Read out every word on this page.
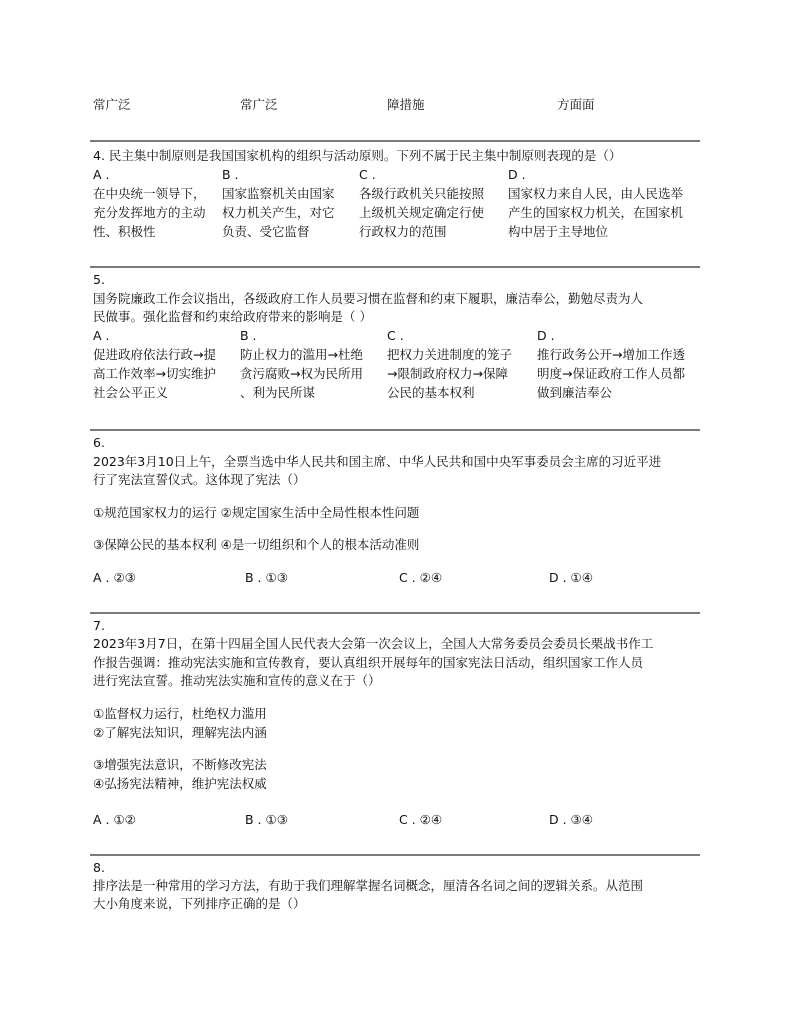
常广泛	常广泛	障措施	方面面
4. 民主集中制原则是我国国家机构的组织与活动原则。下列不属于民主集中制原则表现的是（）
A .
在中央统一领导下，
充分发挥地方的主动
性、积极性
B .
国家监察机关由国家
权力机关产生，对它
负责、受它监督
C .
各级行政机关只能按照
上级机关规定确定行使
行政权力的范围
D .
国家权力来自人民，由人民选举
产生的国家权力机关，在国家机
构中居于主导地位
5.
国务院廉政工作会议指出，各级政府工作人员要习惯在监督和约束下履职，廉洁奉公，勤勉尽责为人
民做事。强化监督和约束给政府带来的影响是（ ）
A .
促进政府依法行政→提
高工作效率→切实维护
社会公平正义
B .
防止权力的滥用→杜绝
贪污腐败→权为民所用
、利为民所谋
C .
把权力关进制度的笼子
→限制政府权力→保障
公民的基本权利
D .
推行政务公开→增加工作透
明度→保证政府工作人员都
做到廉洁奉公
6.
2023年3月10日上午，全票当选中华人民共和国主席、中华人民共和国中央军事委员会主席的习近平进
行了宪法宣誓仪式。这体现了宪法（）
①规范国家权力的运行 ②规定国家生活中全局性根本性问题
③保障公民的基本权利 ④是一切组织和个人的根本活动准则
A . ②③	B . ①③	C . ②④	D . ①④
7.
2023年3月7日，在第十四届全国人民代表大会第一次会议上，全国人大常务委员会委员长栗战书作工
作报告强调：推动宪法实施和宣传教育，要认真组织开展每年的国家宪法日活动，组织国家工作人员
进行宪法宣誓。推动宪法实施和宣传的意义在于（）
①监督权力运行，杜绝权力滥用
②了解宪法知识，理解宪法内涵
③增强宪法意识，不断修改宪法
④弘扬宪法精神，维护宪法权威
A . ①②	B . ①③	C . ②④	D . ③④
8.
排序法是一种常用的学习方法，有助于我们理解掌握名词概念，厘清各名词之间的逻辑关系。从范围
大小角度来说，下列排序正确的是（）
